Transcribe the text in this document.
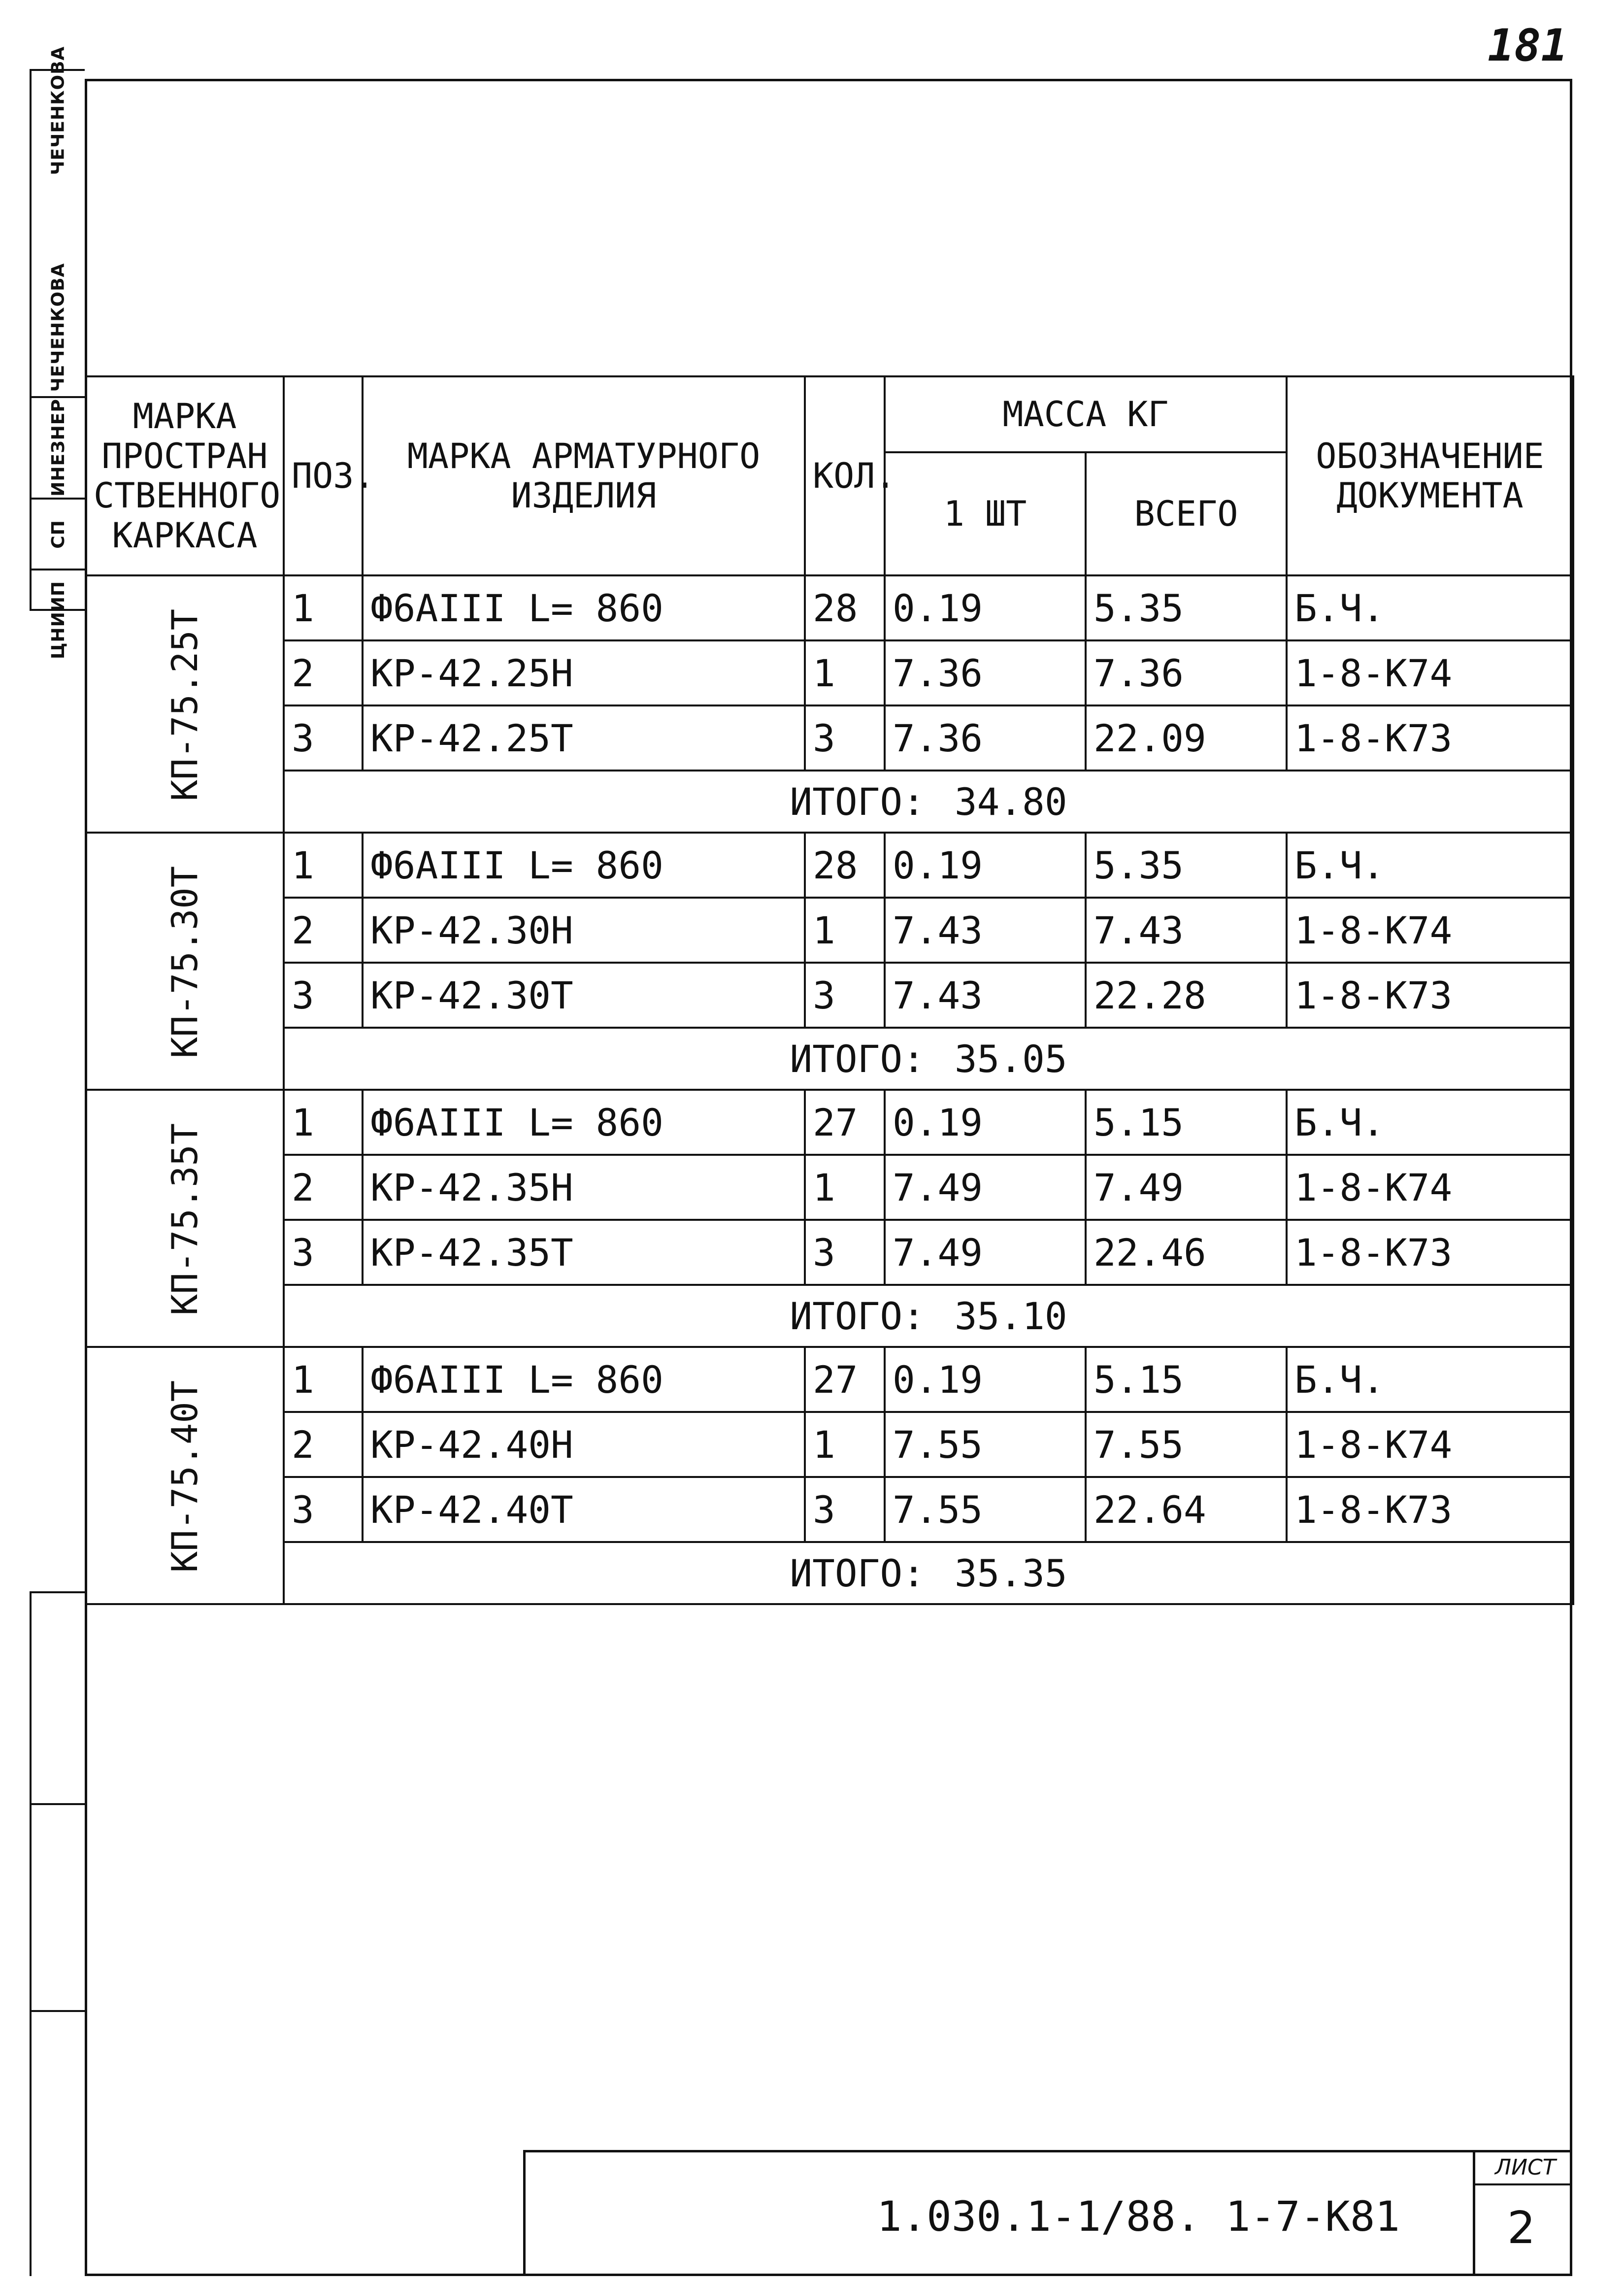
181
ЧЕЧЕНКОВА
ЧЕЧЕНКОВА
ИНЕЗНЕР
СП
ЦНИИП
МАРКА ПРОСТРАН СТВЕННОГО КАРКАСА	ПОЗ.	МАРКА АРМАТУРНОГО ИЗДЕЛИЯ	КОЛ.	МАССА КГ		ОБОЗНАЧЕНИЕ ДОКУМЕНТА
				1 ШТ	ВСЕГО	
КП-75.25Т	1	Ф6АIII L= 860	28	0.19	5.35	Б.Ч.
	2	КР-42.25Н	1	7.36	7.36	1-8-К74
	3	КР-42.25Т	3	7.36	22.09	1-8-К73
	ИТОГО: 34.80					
КП-75.30Т	1	Ф6АIII L= 860	28	0.19	5.35	Б.Ч.
	2	КР-42.30Н	1	7.43	7.43	1-8-К74
	3	КР-42.30Т	3	7.43	22.28	1-8-К73
	ИТОГО: 35.05					
КП-75.35Т	1	Ф6АIII L= 860	27	0.19	5.15	Б.Ч.
	2	КР-42.35Н	1	7.49	7.49	1-8-К74
	3	КР-42.35Т	3	7.49	22.46	1-8-К73
	ИТОГО: 35.10					
КП-75.40Т	1	Ф6АIII L= 860	27	0.19	5.15	Б.Ч.
	2	КР-42.40Н	1	7.55	7.55	1-8-К74
	3	КР-42.40Т	3	7.55	22.64	1-8-К73
	ИТОГО: 35.35					
1.030.1-1/88. 1-7-К81
ЛИСТ
2
